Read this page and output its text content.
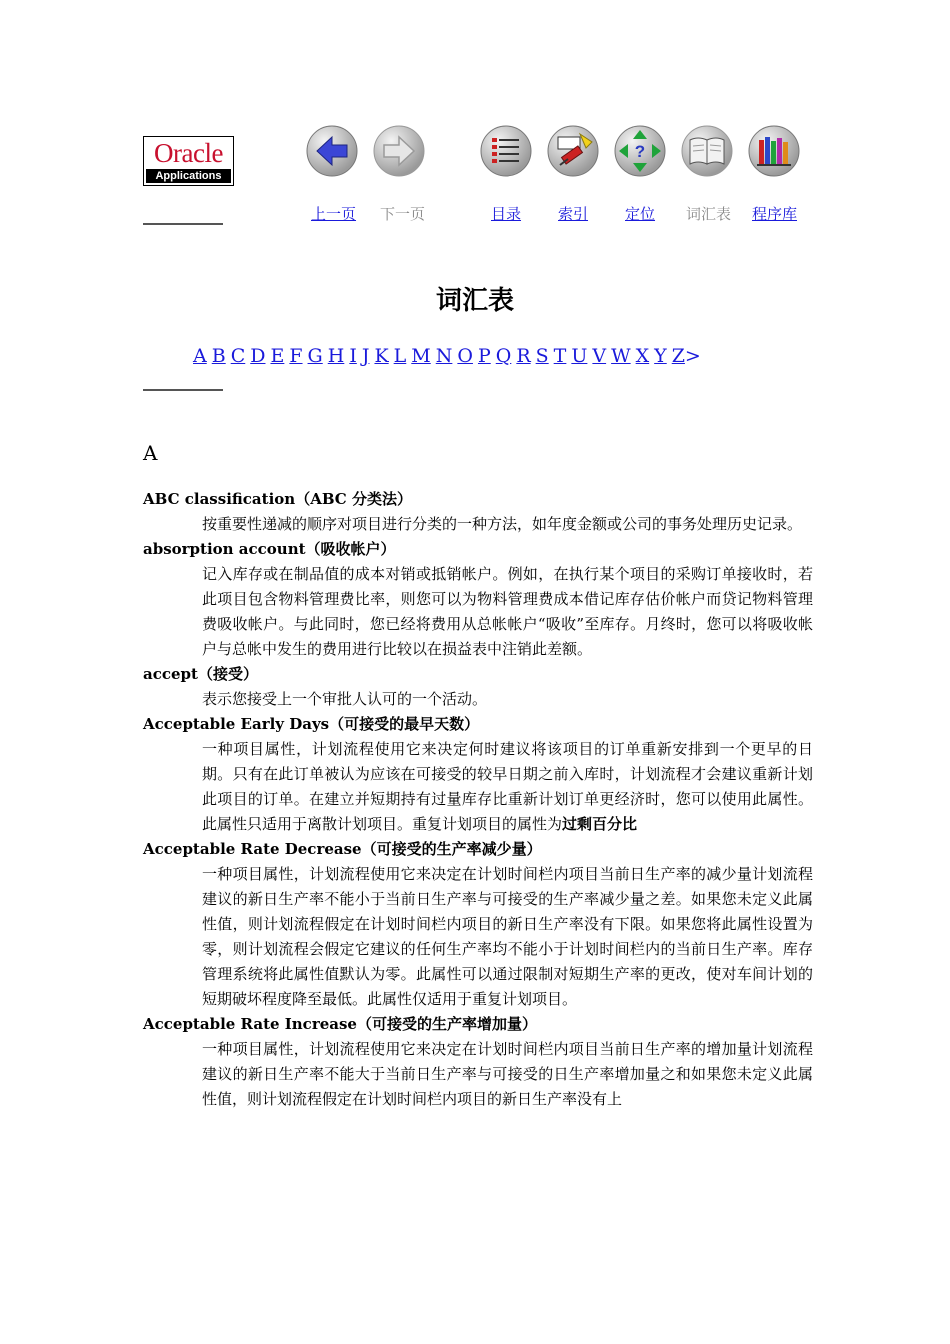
Oracle
Applications
?
上一页 下一页	目录 索引 定位 词汇表 程序库
词汇表
A B C D E F G H I J K L M N O P Q R S T U V W X Y Z>
A
ABC classification（ABC 分类法）
按重要性递减的顺序对项目进行分类的一种方法，如年度金额或公司的事务处理历史记录。
absorption account（吸收帐户）
记入库存或在制品值的成本对销或抵销帐户。例如，在执行某个项目的采购订单接收时，若此项目包含物料管理费比率，则您可以为物料管理费成本借记库存估价帐户而贷记物料管理费吸收帐户。与此同时，您已经将费用从总帐帐户“吸收”至库存。月终时，您可以将吸收帐户与总帐中发生的费用进行比较以在损益表中注销此差额。
accept（接受）
表示您接受上一个审批人认可的一个活动。
Acceptable Early Days（可接受的最早天数）
一种项目属性，计划流程使用它来决定何时建议将该项目的订单重新安排到一个更早的日期。只有在此订单被认为应该在可接受的较早日期之前入库时，计划流程才会建议重新计划此项目的订单。在建立并短期持有过量库存比重新计划订单更经济时，您可以使用此属性。此属性只适用于离散计划项目。重复计划项目的属性为过剩百分比
Acceptable Rate Decrease（可接受的生产率减少量）
一种项目属性，计划流程使用它来决定在计划时间栏内项目当前日生产率的减少量计划流程建议的新日生产率不能小于当前日生产率与可接受的生产率减少量之差。如果您未定义此属性值，则计划流程假定在计划时间栏内项目的新日生产率没有下限。如果您将此属性设置为零，则计划流程会假定它建议的任何生产率均不能小于计划时间栏内的当前日生产率。库存管理系统将此属性值默认为零。此属性可以通过限制对短期生产率的更改，使对车间计划的短期破坏程度降至最低。此属性仅适用于重复计划项目。
Acceptable Rate Increase（可接受的生产率增加量）
一种项目属性，计划流程使用它来决定在计划时间栏内项目当前日生产率的增加量计划流程建议的新日生产率不能大于当前日生产率与可接受的日生产率增加量之和如果您未定义此属性值，则计划流程假定在计划时间栏内项目的新日生产率没有上
